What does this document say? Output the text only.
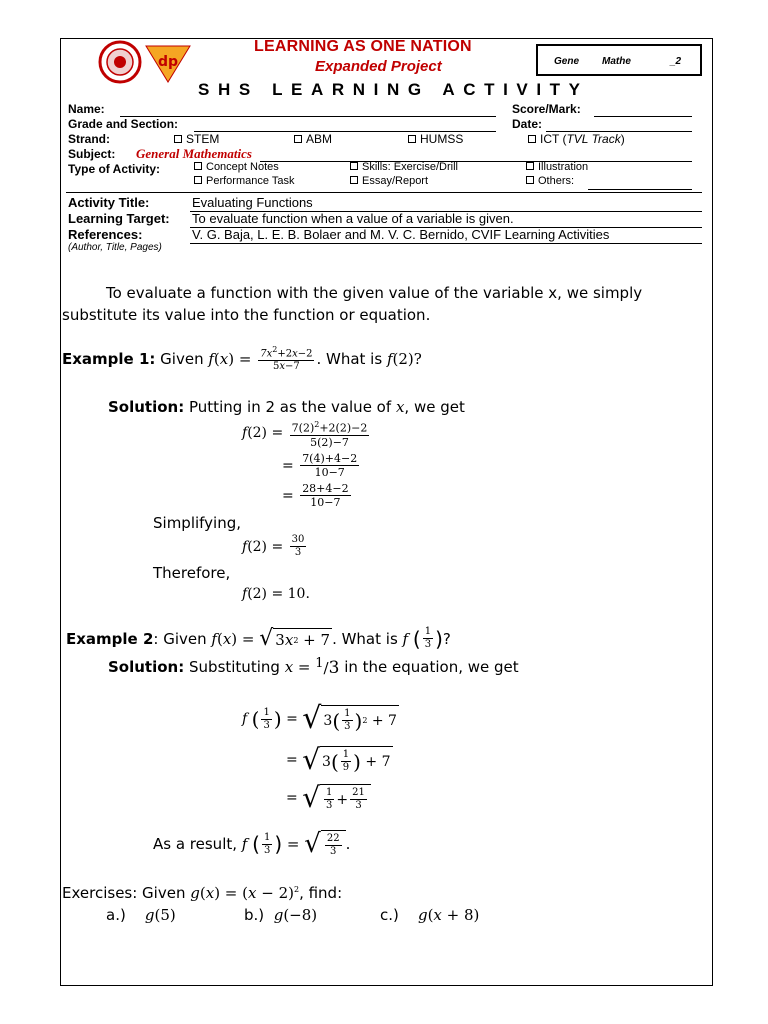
dp
LEARNING AS ONE NATION
Expanded Project	Gene Mathe	_2
SHS LEARNING ACTIVITY
Name:	Score/Mark:
Grade and Section:	Date:
Strand:	STEM	ABM	HUMSS	ICT (TVL Track)
Subject: General Mathematics
Type of Activity:	Concept Notes	Skills: Exercise/Drill	Illustration
Performance Task	Essay/Report	Others:
Activity Title:	Evaluating Functions
Learning Target: To evaluate function when a value of a variable is given.
References:	V. G. Baja, L. E. B. Bolaer and M. V. C. Bernido, CVIF Learning Activities
(Author, Title, Pages)
To evaluate a function with the given value of the variable x, we simply substitute its value into the function or equation.
Example 1:
Given
f ( x ) = $\frac{7x^2+2x-2}{5x-7}$ . What is
f (2)?
Solution:
Putting in 2 as the value of
x , we get
f $(2) = \frac{7(2)^2+2(2)-2}{5(2)-7}$
= $\frac{7(4)+4-2}{10-7}$
= $\frac{28+4-2}{10-7}$
Simplifying,
f $(2) = \frac{30}{3}$
Therefore,
f (2) = 10.
Example 2 : Given
f ( x ) = √ 3 x 2 + 7 . What is
f
( $\frac{1}{3}$ ) ?
Solution:
Substituting
x = $^1$/3
in the equation, we get
f
( $\frac{1}{3}$ ) = √ 3 ( $\frac{1}{3}$ ) 2 + 7
= √ 3 ( $\frac{1}{9}$ ) + 7
= √ $\frac{1}{3} + \frac{21}{3}$
As a result,
f
( $\frac{1}{3}$ ) = √ $\frac{22}{3}$ .
Exercises: Given
g ( x ) = ( x − 2)$^2$ , find:
a.)
g (5)	b.)
g (−8)	c.)
g ( x + 8)
